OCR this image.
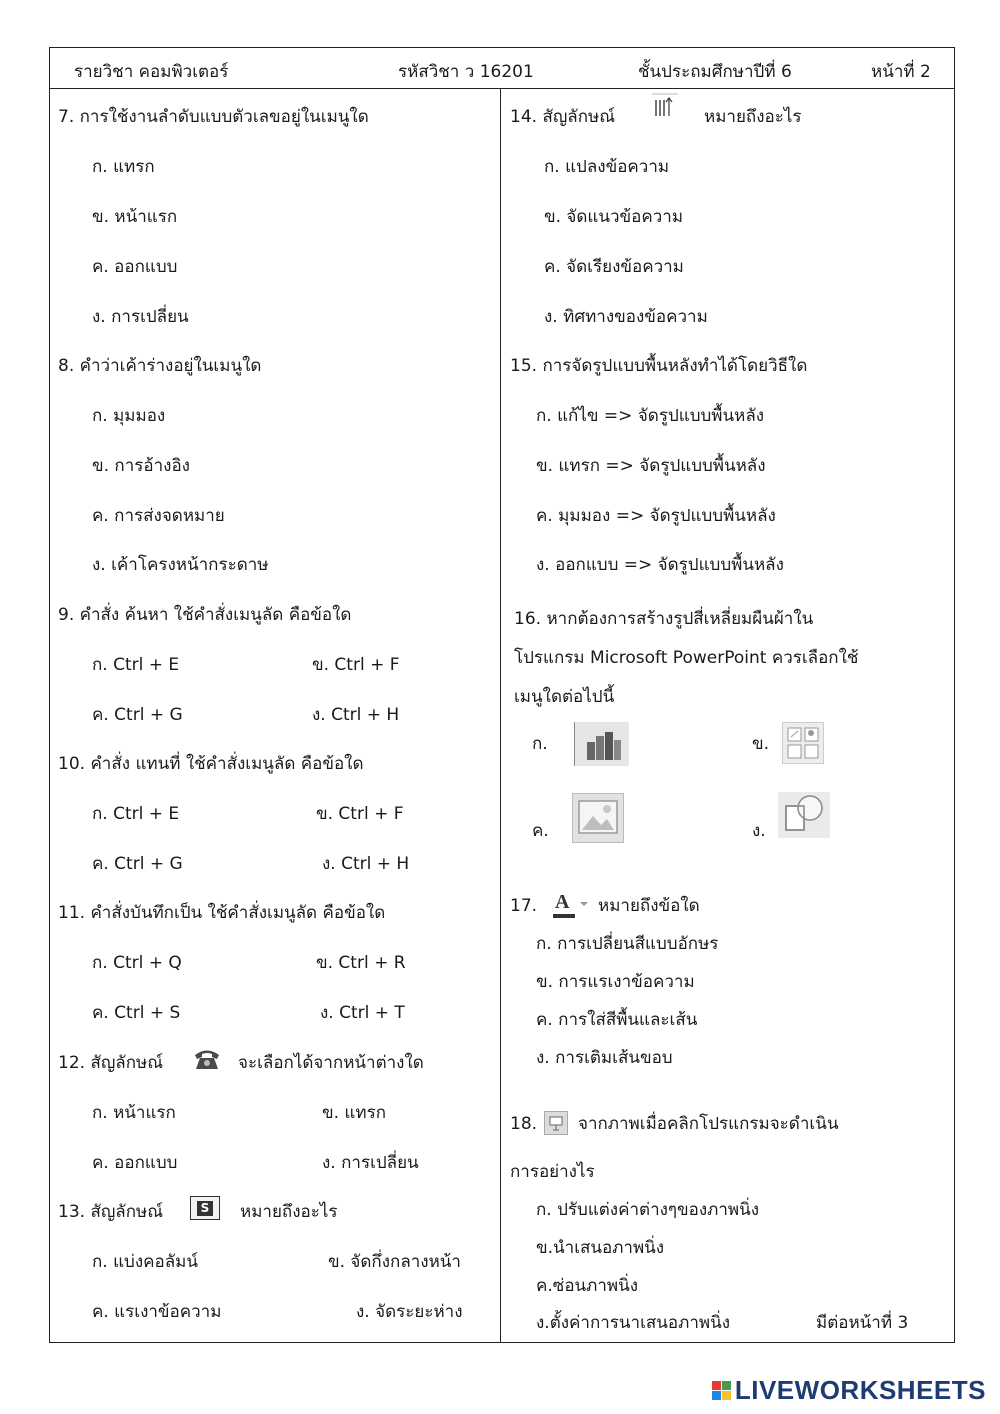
รายวิชา คอมพิวเตอร์	รหัสวิชา ว 16201	ชั้นประถมศึกษาปีที่ 6	หน้าที่ 2
7. การใช้งานลำดับแบบตัวเลขอยู่ในเมนูใด
ก. แทรก
ข. หน้าแรก
ค. ออกแบบ
ง. การเปลี่ยน
8. คำว่าเค้าร่างอยู่ในเมนูใด
ก. มุมมอง
ข. การอ้างอิง
ค. การส่งจดหมาย
ง. เค้าโครงหน้ากระดาษ
9. คำสั่ง ค้นหา ใช้คำสั่งเมนูลัด คือข้อใด
ก. Ctrl + E	ข. Ctrl + F
ค. Ctrl + G	ง. Ctrl + H
10. คำสั่ง แทนที่ ใช้คำสั่งเมนูลัด คือข้อใด
ก. Ctrl + E	ข. Ctrl + F
ค. Ctrl + G	ง. Ctrl + H
11. คำสั่งบันทึกเป็น ใช้คำสั่งเมนูลัด คือข้อใด
ก. Ctrl + Q	ข. Ctrl + R
ค. Ctrl + S	ง. Ctrl + T
12. สัญลักษณ์	จะเลือกได้จากหน้าต่างใด
ก. หน้าแรก	ข. แทรก
ค. ออกแบบ	ง. การเปลี่ยน
13. สัญลักษณ์	S หมายถึงอะไร
ก. แบ่งคอลัมน์	ข. จัดกึ่งกลางหน้า
ค. แรเงาข้อความ	ง. จัดระยะห่าง
14. สัญลักษณ์	หมายถึงอะไร
ก. แปลงข้อความ
ข. จัดแนวข้อความ
ค. จัดเรียงข้อความ
ง. ทิศทางของข้อความ
15. การจัดรูปแบบพื้นหลังทำได้โดยวิธีใด
ก. แก้ไข => จัดรูปแบบพื้นหลัง
ข. แทรก => จัดรูปแบบพื้นหลัง
ค. มุมมอง => จัดรูปแบบพื้นหลัง
ง. ออกแบบ => จัดรูปแบบพื้นหลัง
16. หากต้องการสร้างรูปสี่เหลี่ยมผืนผ้าใน
โปรแกรม Microsoft PowerPoint ควรเลือกใช้
เมนูใดต่อไปนี้
ก.	ข.
ค.	ง.
17. A หมายถึงข้อใด
ก. การเปลี่ยนสีแบบอักษร
ข. การแรเงาข้อความ
ค. การใส่สีพื้นและเส้น
ง. การเติมเส้นขอบ
18. จากภาพเมื่อคลิกโปรแกรมจะดำเนิน
การอย่างไร
ก. ปรับแต่งค่าต่างๆของภาพนิ่ง
ข.นำเสนอภาพนิ่ง
ค.ซ่อนภาพนิ่ง
ง.ตั้งค่าการนาเสนอภาพนิ่ง	มีต่อหน้าที่ 3
LIVEWORKSHEETS
